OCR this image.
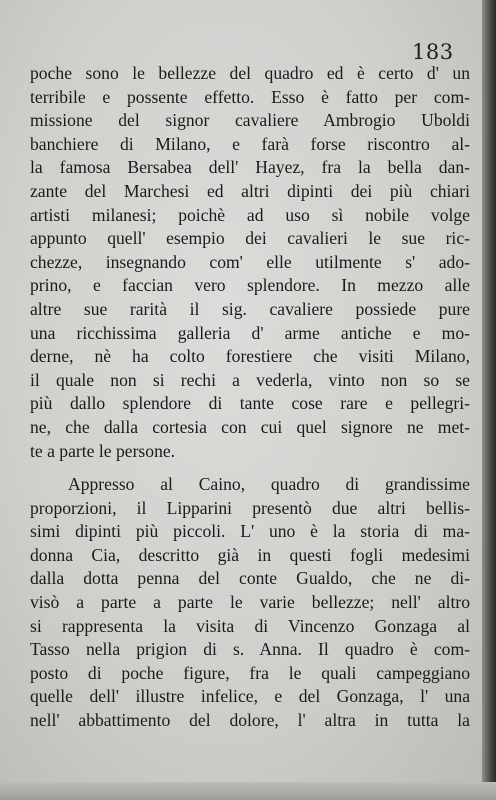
183
poche sono le bellezze del quadro ed è certo d' un
terribile e possente effetto. Esso è fatto per com-
missione del signor cavaliere Ambrogio Uboldi
banchiere di Milano, e farà forse riscontro al-
la famosa Bersabea dell' Hayez, fra la bella dan-
zante del Marchesi ed altri dipinti dei più chiari
artisti milanesi; poichè ad uso sì nobile volge
appunto quell' esempio dei cavalieri le sue ric-
chezze, insegnando com' elle utilmente s' ado-
prino, e faccian vero splendore. In mezzo alle
altre sue rarità il sig. cavaliere possiede pure
una ricchissima galleria d' arme antiche e mo-
derne, nè ha colto forestiere che visiti Milano,
il quale non si rechi a vederla, vinto non so se
più dallo splendore di tante cose rare e pellegri-
ne, che dalla cortesia con cui quel signore ne met-
te a parte le persone.
Appresso al Caino, quadro di grandissime
proporzioni, il Lipparini presentò due altri bellis-
simi dipinti più piccoli. L' uno è la storia di ma-
donna Cia, descritto già in questi fogli medesimi
dalla dotta penna del conte Gualdo, che ne di-
visò a parte a parte le varie bellezze; nell' altro
si rappresenta la visita di Vincenzo Gonzaga al
Tasso nella prigion di s. Anna. Il quadro è com-
posto di poche figure, fra le quali campeggiano
quelle dell' illustre infelice, e del Gonzaga, l' una
nell' abbattimento del dolore, l' altra in tutta la
